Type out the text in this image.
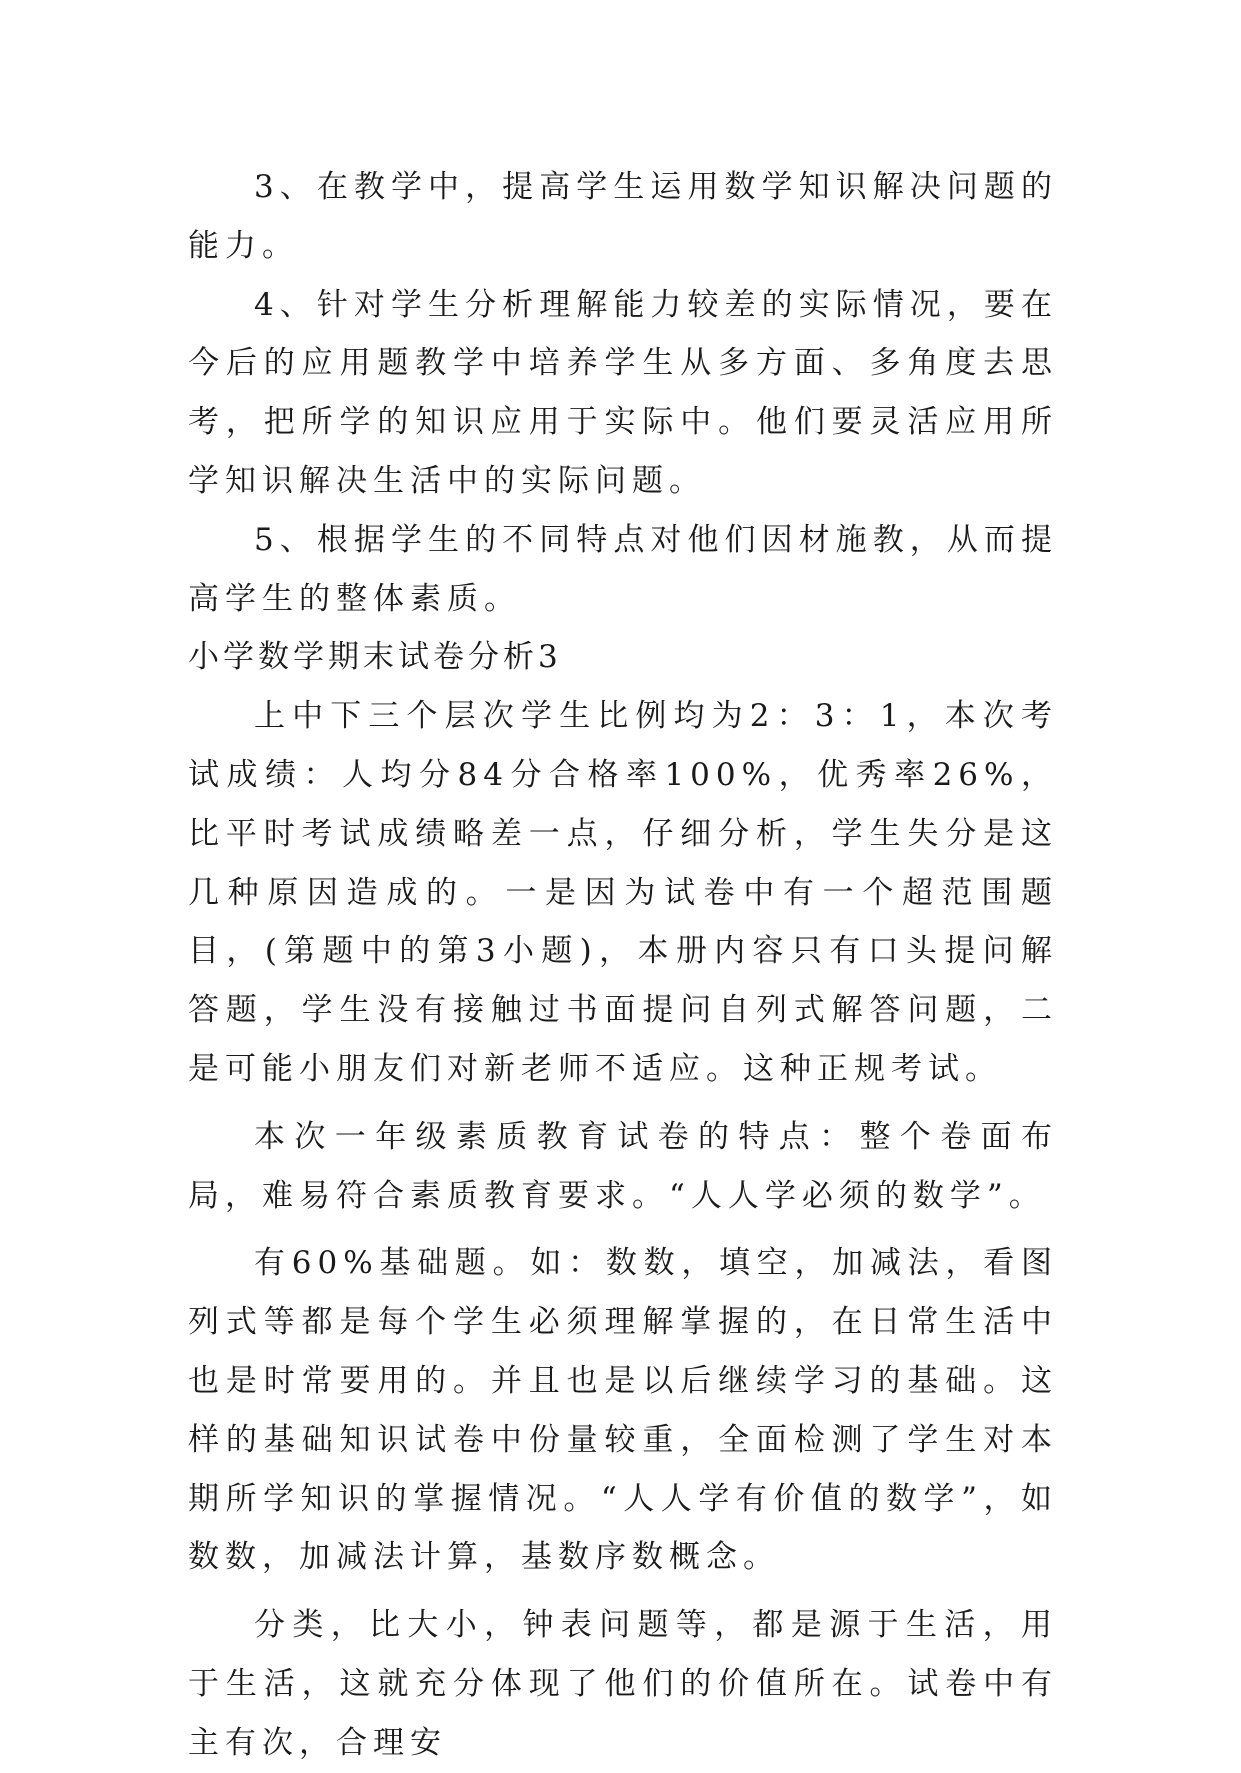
3、在教学中，提高学生运用数学知识解决问题的能力。

4、针对学生分析理解能力较差的实际情况，要在今后的应用题教学中培养学生从多方面、多角度去思考，把所学的知识应用于实际中。他们要灵活应用所学知识解决生活中的实际问题。

5、根据学生的不同特点对他们因材施教，从而提高学生的整体素质。

小学数学期末试卷分析3

上中下三个层次学生比例均为2：3：1，本次考试成绩：人均分84分合格率100%，优秀率26%，比平时考试成绩略差一点，仔细分析，学生失分是这几种原因造成的。一是因为试卷中有一个超范围题目，(第题中的第3小题)，本册内容只有口头提问解答题，学生没有接触过书面提问自列式解答问题，二是可能小朋友们对新老师不适应。这种正规考试。

本次一年级素质教育试卷的特点：整个卷面布局，难易符合素质教育要求。“人人学必须的数学”。

有60%基础题。如：数数，填空，加减法，看图列式等都是每个学生必须理解掌握的，在日常生活中也是时常要用的。并且也是以后继续学习的基础。这样的基础知识试卷中份量较重，全面检测了学生对本期所学知识的掌握情况。“人人学有价值的数学”，如数数，加减法计算，基数序数概念。

分类，比大小，钟表问题等，都是源于生活，用于生活，这就充分体现了他们的价值所在。试卷中有主有次，合理安
